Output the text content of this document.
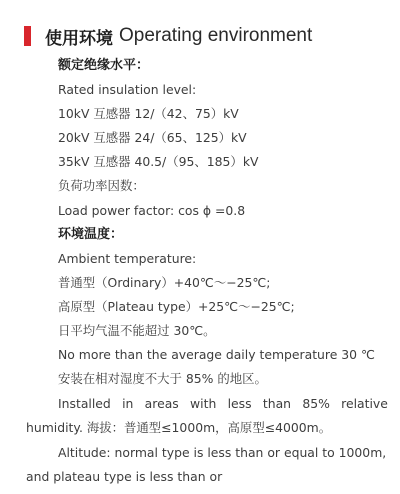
使用环境 Operating environment
额定绝缘水平：
Rated insulation level:
10kV 互感器 12/（42、75）kV
20kV 互感器 24/（65、125）kV
35kV 互感器 40.5/（95、185）kV
负荷功率因数：
Load power factor: cos ϕ =0.8
环境温度：
Ambient temperature:
普通型（Ordinary）+40℃～−25℃;
高原型（Plateau type）+25℃～−25℃;
日平均气温不能超过 30℃。
No more than the average daily temperature 30 ℃
安装在相对湿度不大于 85% 的地区。
Installed in areas with less than 85% relative
humidity. 海拔：普通型≤1000m，高原型≤4000m。
Altitude: normal type is less than or equal to 1000m,
and plateau type is less than or
